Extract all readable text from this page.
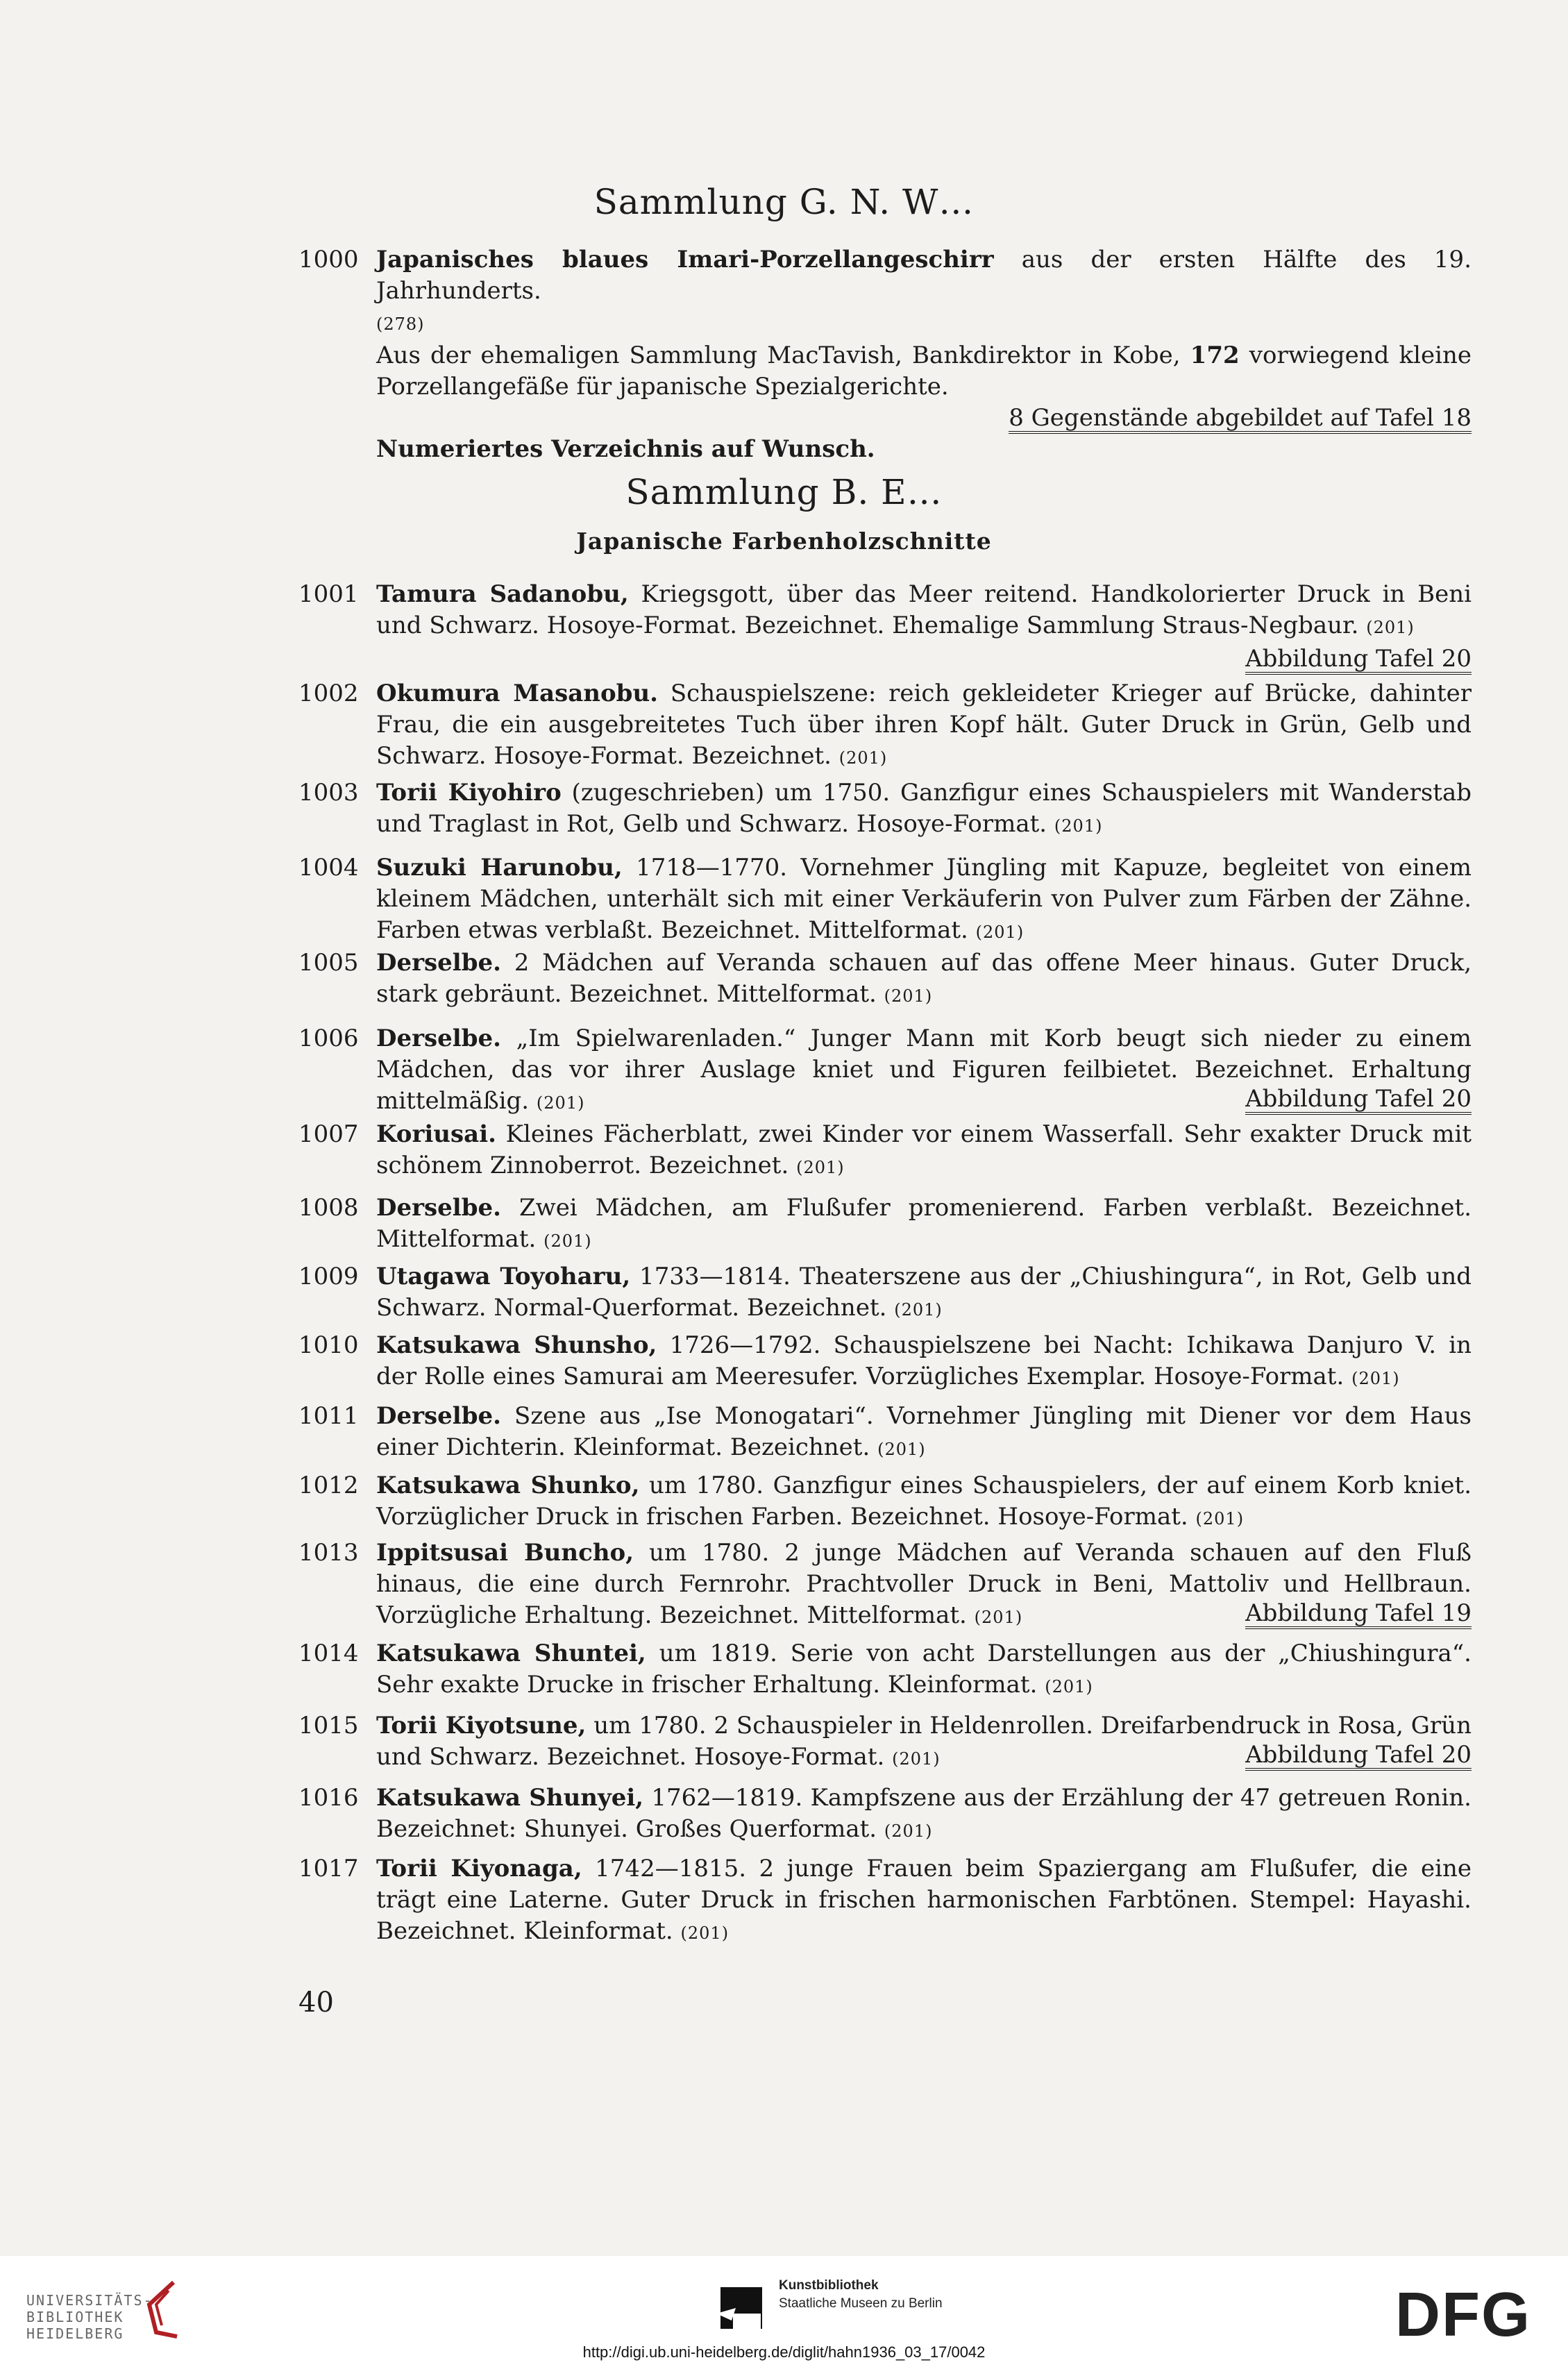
Sammlung G. N. W…
1000 Japanisches blaues Imari-Porzellangeschirr aus der ersten Hälfte des 19. Jahrhunderts.
(278)
Aus der ehemaligen Sammlung MacTavish, Bankdirektor in Kobe, 172 vorwiegend kleine Porzellangefäße für japanische Spezialgerichte.
8 Gegenstände abgebildet auf Tafel 18
Numeriertes Verzeichnis auf Wunsch.
Sammlung B. E…
Japanische Farbenholzschnitte
1001 Tamura Sadanobu, Kriegsgott, über das Meer reitend. Handkolorierter Druck in Beni und Schwarz. Hosoye-Format. Bezeichnet. Ehemalige Sammlung Straus-Negbaur. (201)
Abbildung Tafel 20
1002 Okumura Masanobu. Schauspielszene: reich gekleideter Krieger auf Brücke, dahinter Frau, die ein ausgebreitetes Tuch über ihren Kopf hält. Guter Druck in Grün, Gelb und Schwarz. Hosoye-Format. Bezeichnet. (201)
1003 Torii Kiyohiro (zugeschrieben) um 1750. Ganzfigur eines Schauspielers mit Wanderstab und Traglast in Rot, Gelb und Schwarz. Hosoye-Format. (201)
1004 Suzuki Harunobu, 1718—1770. Vornehmer Jüngling mit Kapuze, begleitet von einem kleinem Mädchen, unterhält sich mit einer Verkäuferin von Pulver zum Färben der Zähne. Farben etwas verblaßt. Bezeichnet. Mittelformat. (201)
1005 Derselbe. 2 Mädchen auf Veranda schauen auf das offene Meer hinaus. Guter Druck, stark gebräunt. Bezeichnet. Mittelformat. (201)
1006 Derselbe. „Im Spielwarenladen.“ Junger Mann mit Korb beugt sich nieder zu einem Mädchen, das vor ihrer Auslage kniet und Figuren feilbietet. Bezeichnet. Erhaltung mittelmäßig. (201)	Abbildung Tafel 20
1007 Koriusai. Kleines Fächerblatt, zwei Kinder vor einem Wasserfall. Sehr exakter Druck mit schönem Zinnoberrot. Bezeichnet. (201)
1008 Derselbe. Zwei Mädchen, am Flußufer promenierend. Farben verblaßt. Bezeichnet. Mittelformat. (201)
1009 Utagawa Toyoharu, 1733—1814. Theaterszene aus der „Chiushingura“, in Rot, Gelb und Schwarz. Normal-Querformat. Bezeichnet. (201)
1010 Katsukawa Shunsho, 1726—1792. Schauspielszene bei Nacht: Ichikawa Danjuro V. in der Rolle eines Samurai am Meeresufer. Vorzügliches Exemplar. Hosoye-Format. (201)
1011 Derselbe. Szene aus „Ise Monogatari“. Vornehmer Jüngling mit Diener vor dem Haus einer Dichterin. Kleinformat. Bezeichnet. (201)
1012 Katsukawa Shunko, um 1780. Ganzfigur eines Schauspielers, der auf einem Korb kniet. Vorzüglicher Druck in frischen Farben. Bezeichnet. Hosoye-Format. (201)
1013 Ippitsusai Buncho, um 1780. 2 junge Mädchen auf Veranda schauen auf den Fluß hinaus, die eine durch Fernrohr. Prachtvoller Druck in Beni, Mattoliv und Hellbraun. Vorzügliche Erhaltung. Bezeichnet. Mittelformat. (201)	Abbildung Tafel 19
1014 Katsukawa Shuntei, um 1819. Serie von acht Darstellungen aus der „Chiushingura“. Sehr exakte Drucke in frischer Erhaltung. Kleinformat. (201)
1015 Torii Kiyotsune, um 1780. 2 Schauspieler in Heldenrollen. Dreifarbendruck in Rosa, Grün und Schwarz. Bezeichnet. Hosoye-Format. (201)	Abbildung Tafel 20
1016 Katsukawa Shunyei, 1762—1819. Kampfszene aus der Erzählung der 47 getreuen Ronin. Bezeichnet: Shunyei. Großes Querformat. (201)
1017 Torii Kiyonaga, 1742—1815. 2 junge Frauen beim Spaziergang am Flußufer, die eine trägt eine Laterne. Guter Druck in frischen harmonischen Farbtönen. Stempel: Hayashi. Bezeichnet. Kleinformat. (201)
40
UNIVERSITÄTS-
BIBLIOTHEK
HEIDELBERG
Kunstbibliothek
Staatliche Museen zu Berlin	DFG
http://digi.ub.uni-heidelberg.de/diglit/hahn1936_03_17/0042
